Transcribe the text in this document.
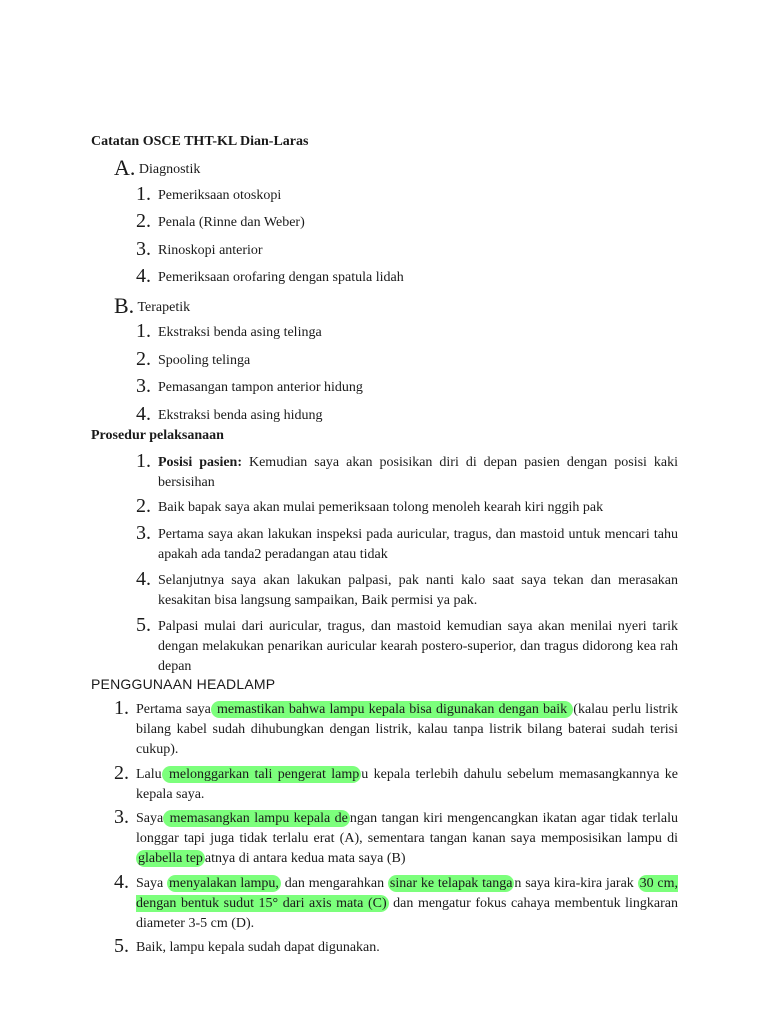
Catatan OSCE THT-KL Dian-Laras
A. Diagnostik
1. Pemeriksaan otoskopi
2. Penala (Rinne dan Weber)
3. Rinoskopi anterior
4. Pemeriksaan orofaring dengan spatula lidah
B. Terapetik
1. Ekstraksi benda asing telinga
2. Spooling telinga
3. Pemasangan tampon anterior hidung
4. Ekstraksi benda asing hidung
Prosedur pelaksanaan
1. Posisi pasien: Kemudian saya akan posisikan diri di depan pasien dengan posisi kaki bersisihan
2. Baik bapak saya akan mulai pemeriksaan tolong menoleh kearah kiri nggih pak
3. Pertama saya akan lakukan inspeksi pada auricular, tragus, dan mastoid untuk mencari tahu apakah ada tanda2 peradangan atau tidak
4. Selanjutnya saya akan lakukan palpasi, pak nanti kalo saat saya tekan dan merasakan kesakitan bisa langsung sampaikan, Baik permisi ya pak.
5. Palpasi mulai dari auricular, tragus, dan mastoid kemudian saya akan menilai nyeri tarik dengan melakukan penarikan auricular kearah postero-superior, dan tragus didorong kea rah depan
PENGGUNAAN HEADLAMP
1. Pertama saya memastikan bahwa lampu kepala bisa digunakan dengan baik (kalau perlu listrik bilang kabel sudah dihubungkan dengan listrik, kalau tanpa listrik bilang baterai sudah terisi cukup).
2. Lalu melonggarkan tali pengerat lamp u kepala terlebih dahulu sebelum memasangkannya ke kepala saya.
3. Saya memasangkan lampu kepala de ngan tangan kiri mengencangkan ikatan agar tidak terlalu longgar tapi juga tidak terlalu erat (A), sementara tangan kanan saya memposisikan lampu di glabella tep atnya di antara kedua mata saya (B)
4. Saya menyalakan lampu, dan mengarahkan sinar ke telapak tanga n saya kira-kira jarak 30 cm, dengan bentuk sudut 15° dari axis mata (C) dan mengatur fokus cahaya membentuk lingkaran diameter 3-5 cm (D).
5. Baik, lampu kepala sudah dapat digunakan.
